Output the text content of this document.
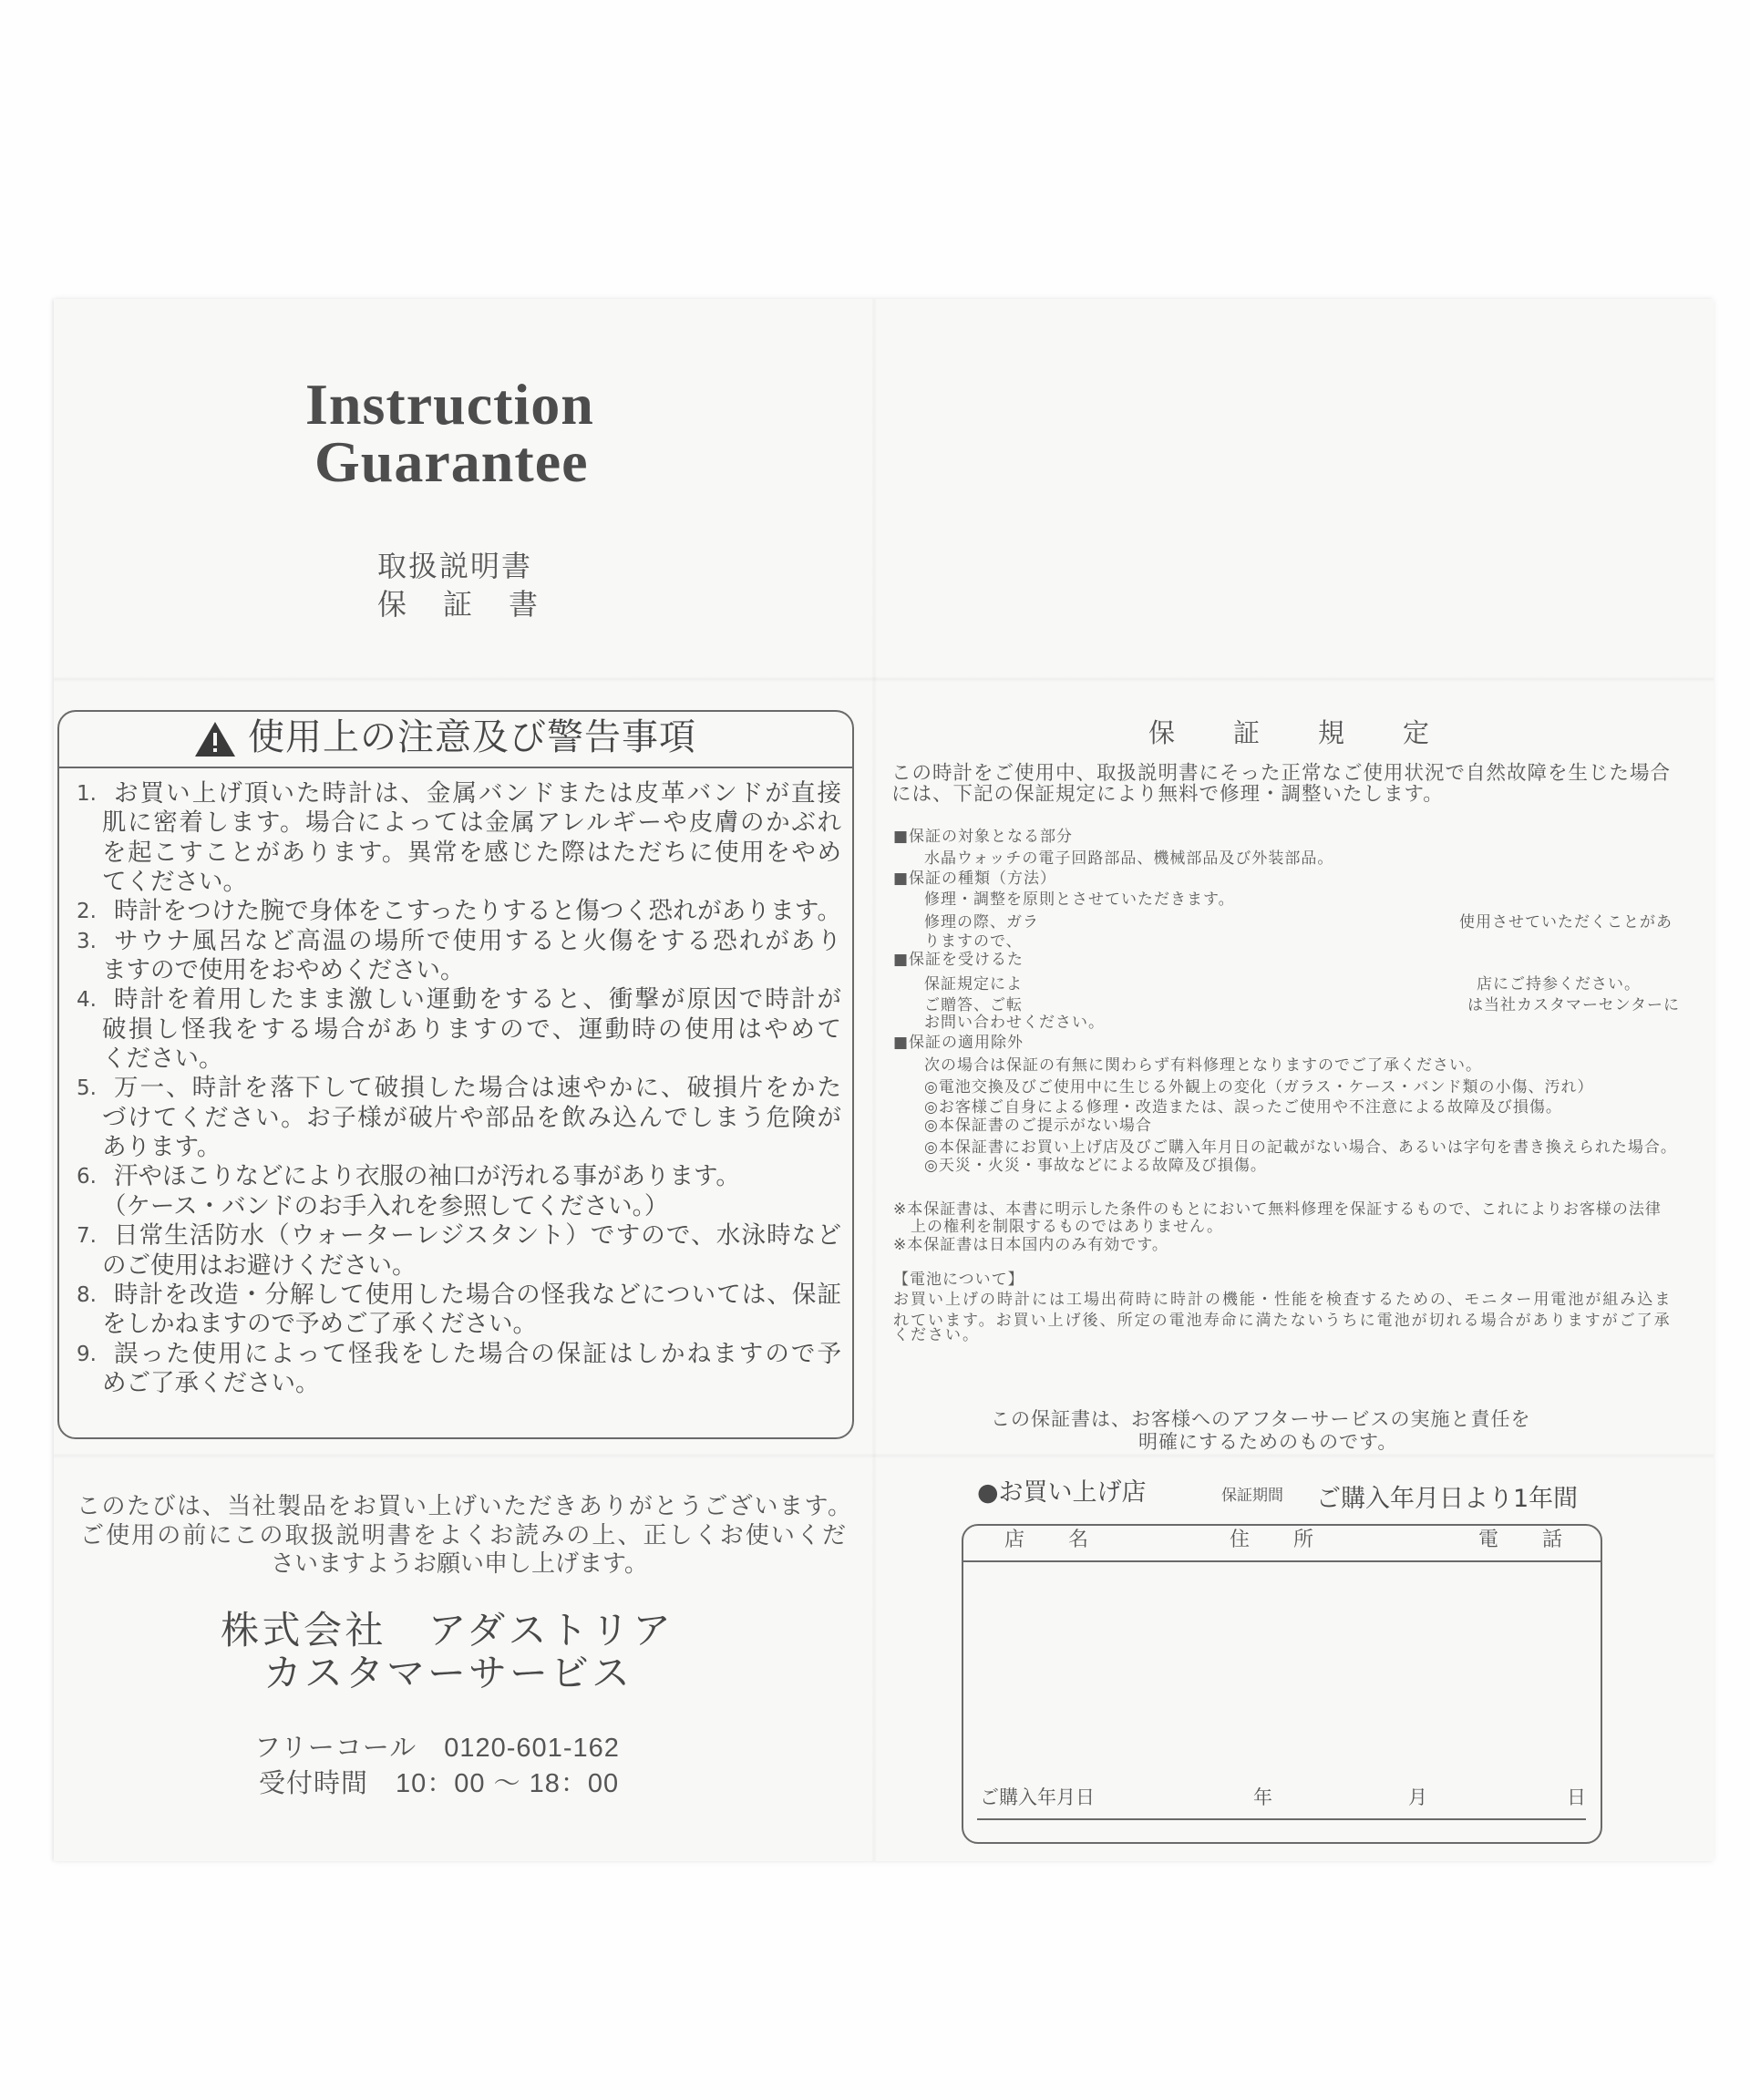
Instruction
Guarantee
取扱説明書
保　証　書
使用上の注意及び警告事項
1. お買い上げ頂いた時計は、金属バンドまたは皮革バンドが直接
肌に密着します。場合によっては金属アレルギーや皮膚のかぶれ
を起こすことがあります。異常を感じた際はただちに使用をやめ
てください。
2. 時計をつけた腕で身体をこすったりすると傷つく恐れがあります。
3. サウナ風呂など高温の場所で使用すると火傷をする恐れがあり
ますので使用をおやめください。
4. 時計を着用したまま激しい運動をすると、衝撃が原因で時計が
破損し怪我をする場合がありますので、運動時の使用はやめて
ください。
5. 万一、時計を落下して破損した場合は速やかに、破損片をかた
づけてください。お子様が破片や部品を飲み込んでしまう危険が
あります。
6. 汗やほこりなどにより衣服の袖口が汚れる事があります。
（ケース・バンドのお手入れを参照してください。）
7. 日常生活防水（ウォーターレジスタント）ですので、水泳時など
のご使用はお避けください。
8. 時計を改造・分解して使用した場合の怪我などについては、保証
をしかねますので予めご了承ください。
9. 誤った使用によって怪我をした場合の保証はしかねますので予
めご了承ください。
保　証　規　定
この時計をご使用中、取扱説明書にそった正常なご使用状況で自然故障を生じた場合
には、下記の保証規定により無料で修理・調整いたします。
■保証の対象となる部分
水晶ウォッチの電子回路部品、機械部品及び外装部品。
■保証の種類（方法）
修理・調整を原則とさせていただきます。
修理の際、ガラ	使用させていただくことがあ
りますので、
■保証を受けるた
保証規定によ	店にご持参ください。
ご贈答、ご転	は当社カスタマーセンターに
お問い合わせください。
■保証の適用除外
次の場合は保証の有無に関わらず有料修理となりますのでご了承ください。
◎電池交換及びご使用中に生じる外観上の変化（ガラス・ケース・バンド類の小傷、汚れ）
◎お客様ご自身による修理・改造または、誤ったご使用や不注意による故障及び損傷。
◎本保証書のご提示がない場合
◎本保証書にお買い上げ店及びご購入年月日の記載がない場合、あるいは字句を書き換えられた場合。
◎天災・火災・事故などによる故障及び損傷。
※本保証書は、本書に明示した条件のもとにおいて無料修理を保証するもので、これによりお客様の法律
上の権利を制限するものではありません。
※本保証書は日本国内のみ有効です。
【電池について】
お買い上げの時計には工場出荷時に時計の機能・性能を検査するための、モニター用電池が組み込ま
れています。お買い上げ後、所定の電池寿命に満たないうちに電池が切れる場合がありますがご了承
ください。
この保証書は、お客様へのアフターサービスの実施と責任を
明確にするためのものです。
このたびは、当社製品をお買い上げいただきありがとうございます。
ご使用の前にこの取扱説明書をよくお読みの上、正しくお使いくだ
さいますようお願い申し上げます。
株式会社　アダストリア
カスタマーサービス
フリーコール　0120-601-162
受付時間　10：00 ～ 18：00
●お買い上げ店	保証期間 ご購入年月日より1年間
店　名	住　所	電　話
ご購入年月日	年	月	日
